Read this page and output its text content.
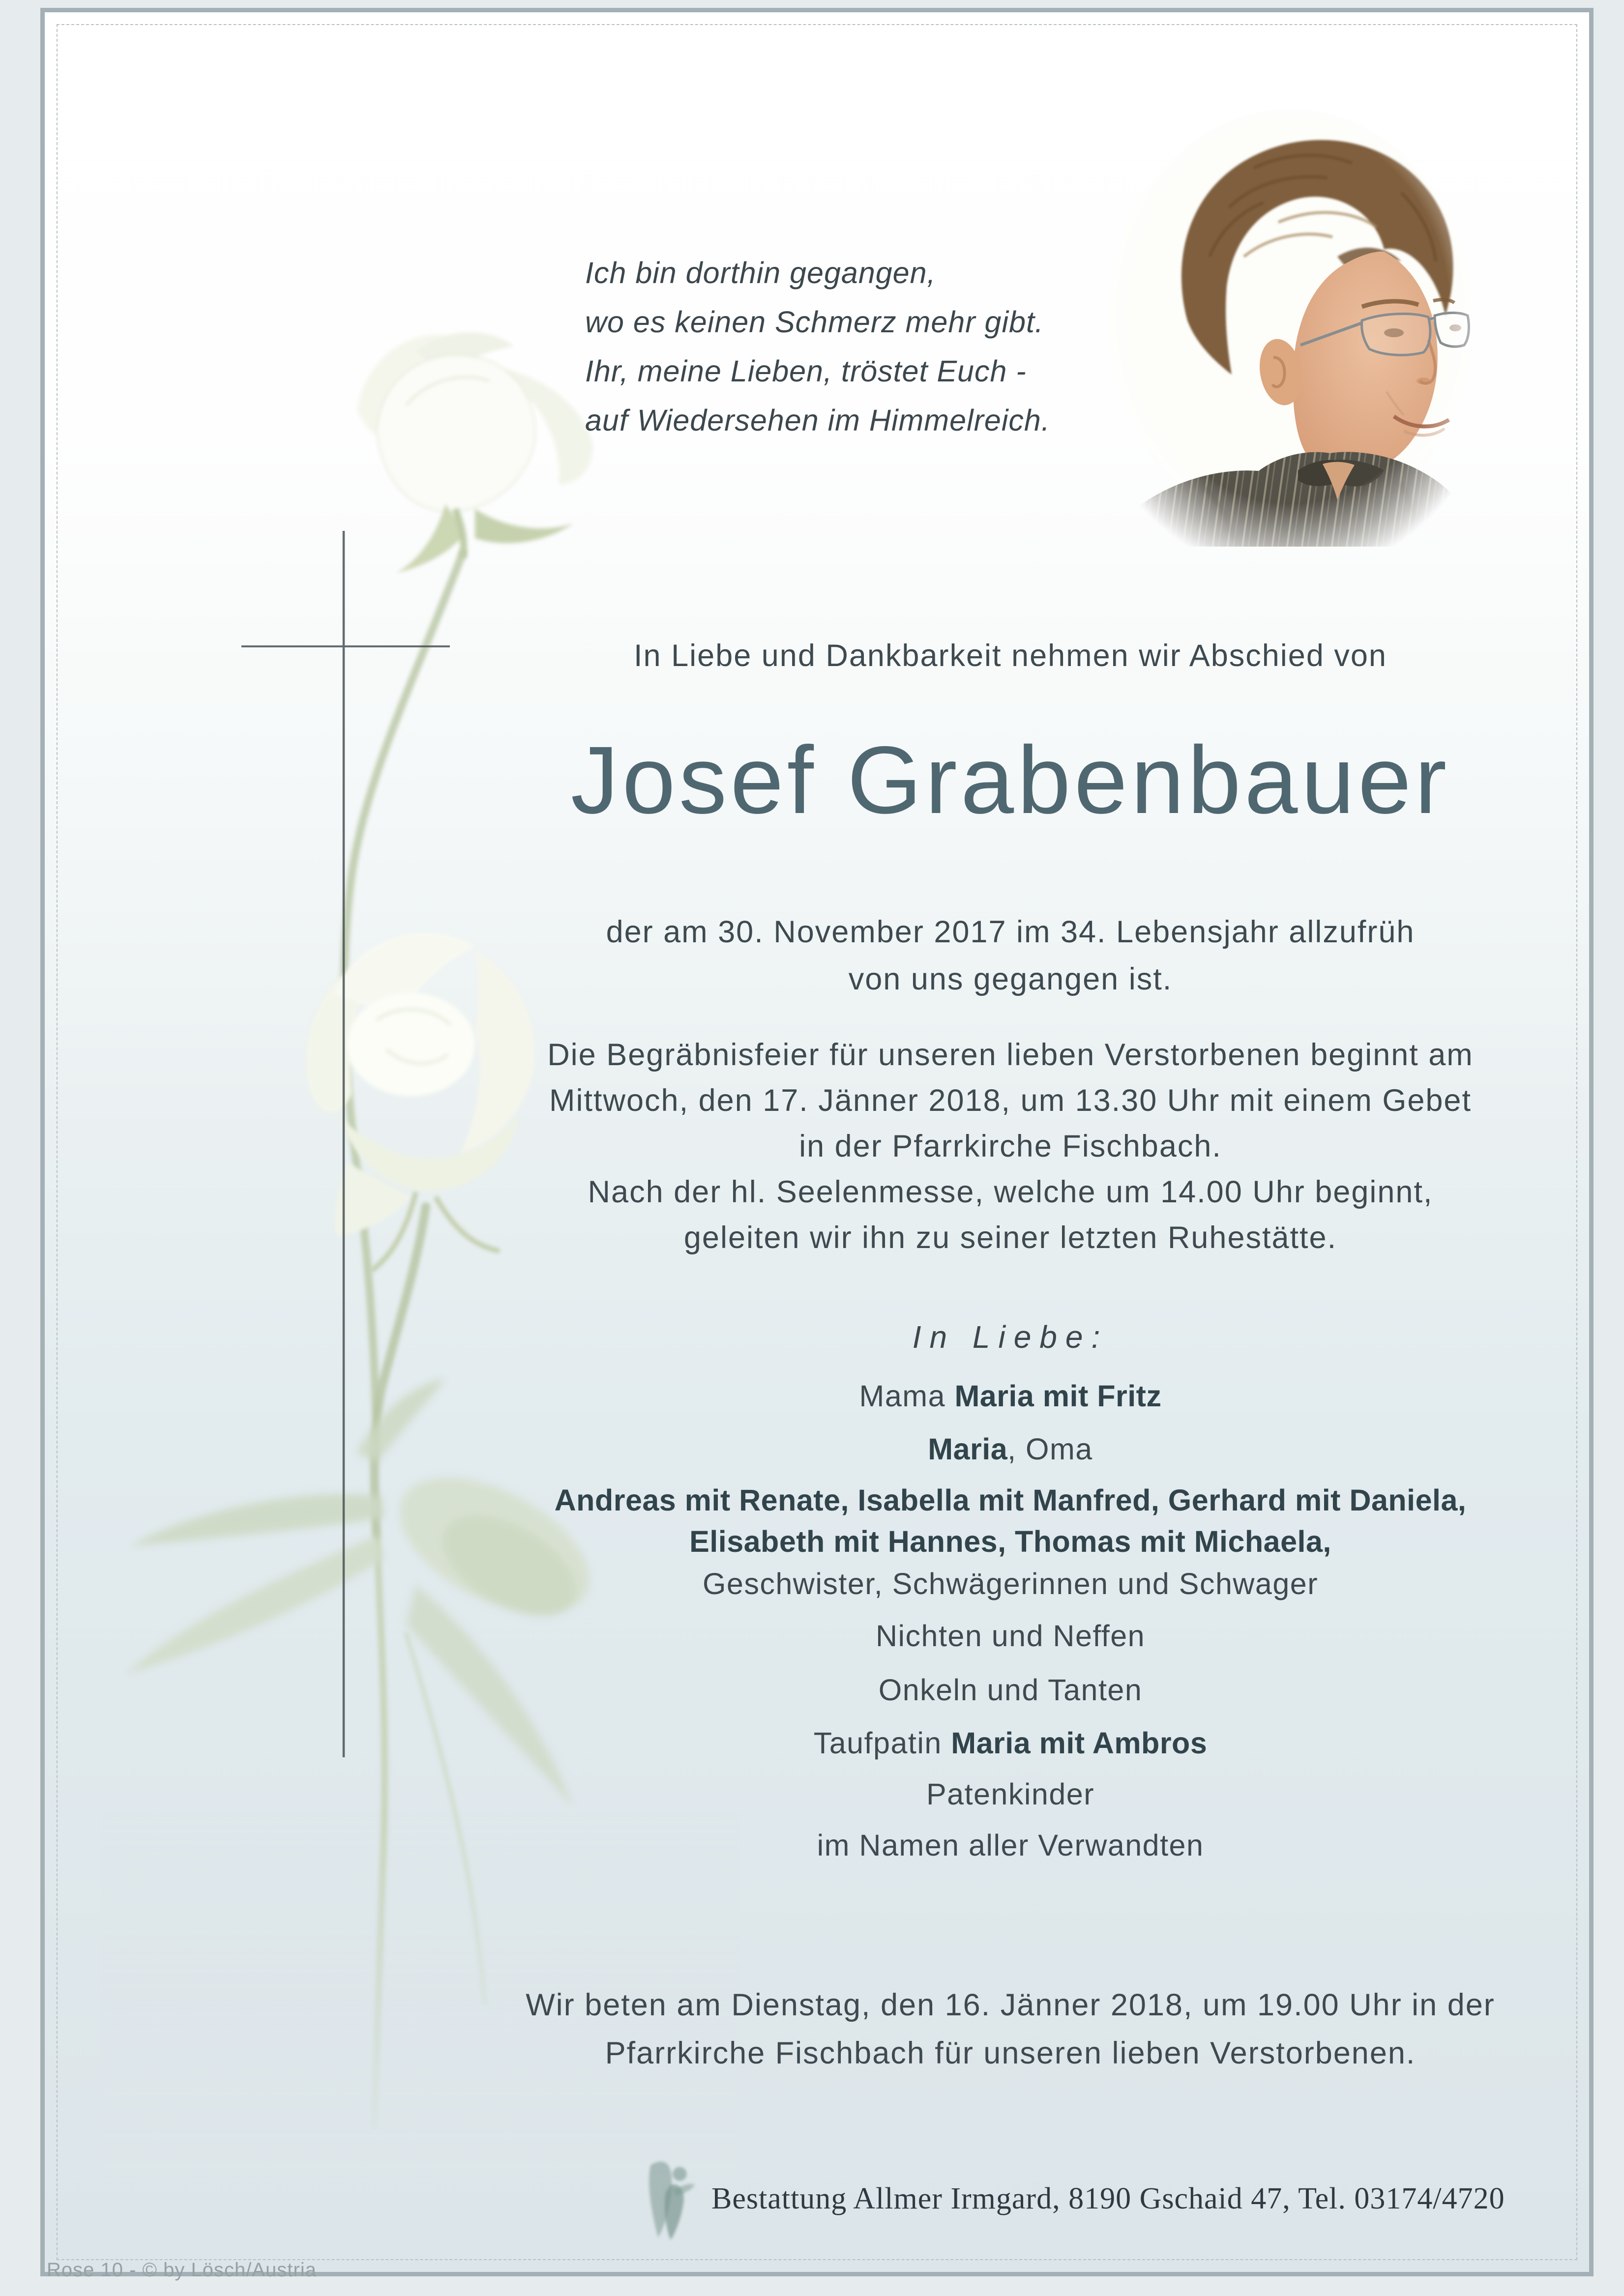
Ich bin dorthin gegangen,
wo es keinen Schmerz mehr gibt.
Ihr, meine Lieben, tröstet Euch -
auf Wiedersehen im Himmelreich.
In Liebe und Dankbarkeit nehmen wir Abschied von
Josef Grabenbauer
der am 30. November 2017 im 34. Lebensjahr allzufrüh
von uns gegangen ist.
Die Begräbnisfeier für unseren lieben Verstorbenen beginnt am
Mittwoch, den 17. Jänner 2018, um 13.30 Uhr mit einem Gebet
in der Pfarrkirche Fischbach.
Nach der hl. Seelenmesse, welche um 14.00 Uhr beginnt,
geleiten wir ihn zu seiner letzten Ruhestätte.
In Liebe:
Mama Maria mit Fritz
Maria, Oma
Andreas mit Renate, Isabella mit Manfred, Gerhard mit Daniela,
Elisabeth mit Hannes, Thomas mit Michaela,
Geschwister, Schwägerinnen und Schwager
Nichten und Neffen
Onkeln und Tanten
Taufpatin Maria mit Ambros
Patenkinder
im Namen aller Verwandten
Wir beten am Dienstag, den 16. Jänner 2018, um 19.00 Uhr in der
Pfarrkirche Fischbach für unseren lieben Verstorbenen.
Bestattung Allmer Irmgard, 8190 Gschaid 47, Tel. 03174/4720
Rose 10 - © by Lösch/Austria
